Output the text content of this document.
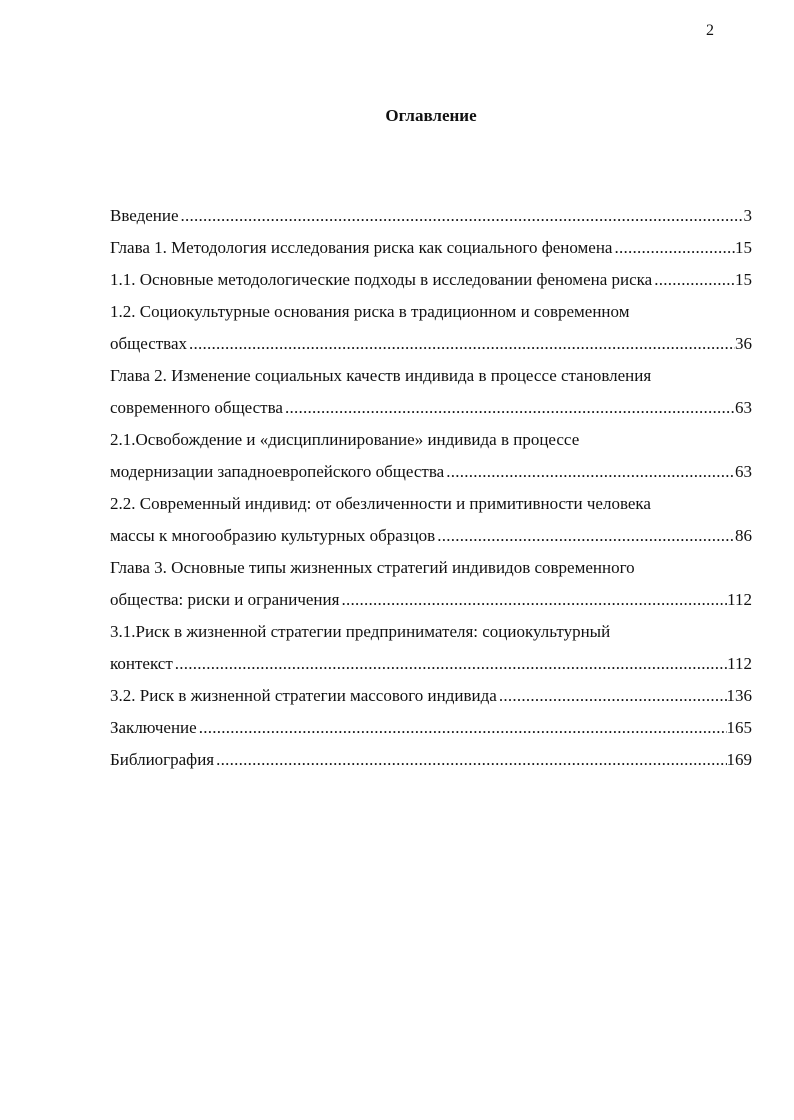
2
Оглавление
Введение . . .	3
Глава 1. Методология исследования риска как социального феномена . . .	15
1.1. Основные методологические подходы в исследовании феномена риска . . .	15
1.2. Социокультурные основания риска в традиционном и современном
обществах . . .	36
Глава 2. Изменение социальных качеств индивида в процессе становления
современного общества . . .	63
2.1.Освобождение и «дисциплинирование» индивида в процессе
модернизации западноевропейского общества . . .	63
2.2. Современный индивид: от обезличенности и примитивности человека
массы к многообразию культурных образцов . . .	86
Глава 3. Основные типы жизненных стратегий индивидов современного
общества: риски и ограничения . . .	112
3.1.Риск в жизненной стратегии предпринимателя: социокультурный
контекст . . .	112
3.2. Риск в жизненной стратегии массового индивида . . .	136
Заключение . . .	165
Библиография . . .	169
